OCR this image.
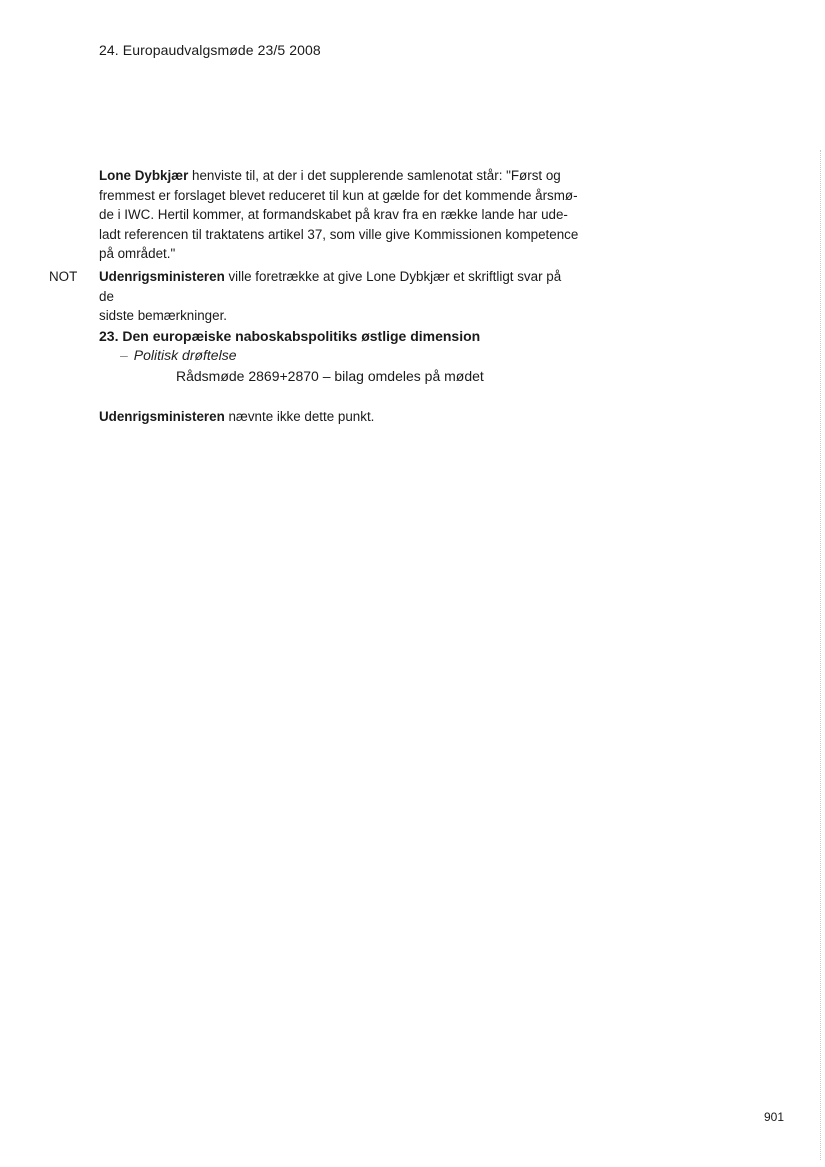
24. Europaudvalgsmøde 23/5 2008
Lone Dybkjær henviste til, at der i det supplerende samlenotat står: "Først og
fremmest er forslaget blevet reduceret til kun at gælde for det kommende årsmø-
de i IWC. Hertil kommer, at formandskabet på krav fra en række lande har ude-
ladt referencen til traktatens artikel 37, som ville give Kommissionen kompetence
på området."
NOT Udenrigsministeren ville foretrække at give Lone Dybkjær et skriftligt svar på de
sidste bemærkninger.
23. Den europæiske naboskabspolitiks østlige dimension
– Politisk drøftelse
Rådsmøde 2869+2870 – bilag omdeles på mødet
Udenrigsministeren nævnte ikke dette punkt.
901
